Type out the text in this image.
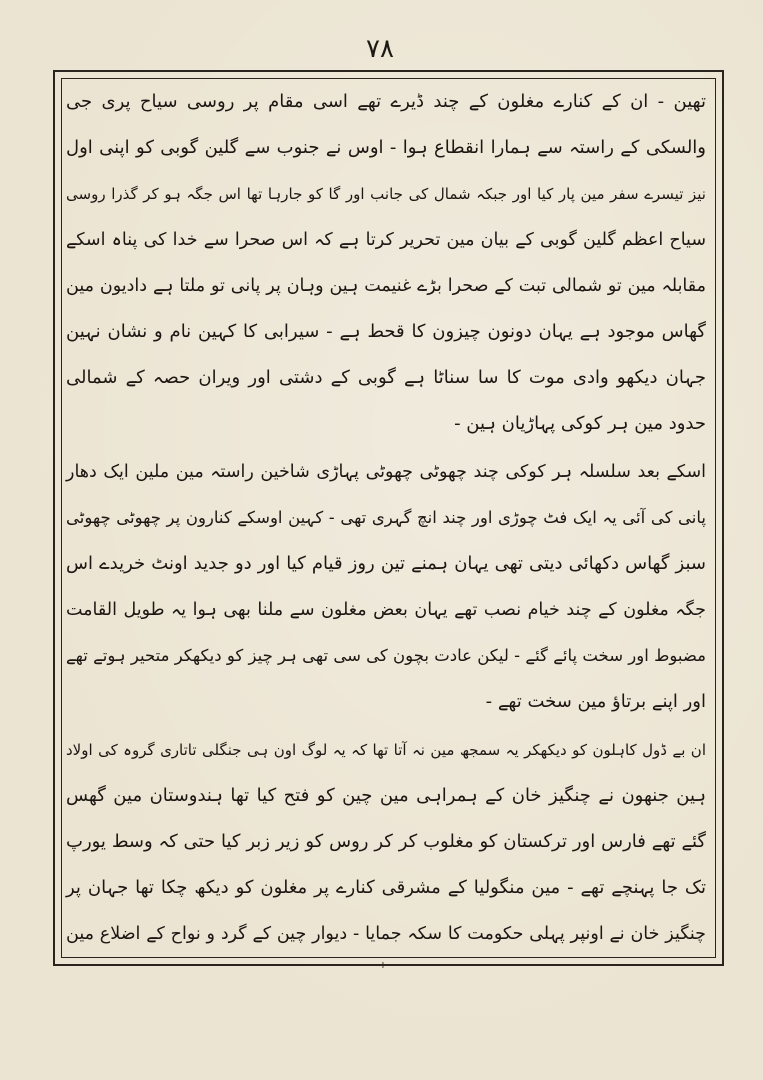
۷۸
تھین - ان کے کنارے مغلون کے چند ڈیرے تھے اسی مقام پر روسی سیاح پری جی
والسکی کے راستہ سے ہمارا انقطاع ہوا - اوس نے جنوب سے گلین گوبی کو اپنی اول
نیز تیسرے سفر مین پار کیا اور جبکہ شمال کی جانب اور گا کو جارہا تھا اس جگہ ہو کر گذرا روسی
سیاح اعظم گلین گوبی کے بیان مین تحریر کرتا ہے کہ اس صحرا سے خدا کی پناہ اسکے
مقابلہ مین تو شمالی تبت کے صحرا بڑے غنیمت ہین وہان پر پانی تو ملتا ہے دادیون مین
گھاس موجود ہے یہان دونون چیزون کا قحط ہے - سیرابی کا کہین نام و نشان نہین
جہان دیکھو وادی موت کا سا سناٹا ہے گوبی کے دشتی اور ویران حصہ کے شمالی
حدود مین ہر کوکی پہاڑیان ہین -
اسکے بعد سلسلہ ہر کوکی چند چھوٹی چھوٹی پہاڑی شاخین راستہ مین ملین ایک دھار
پانی کی آئی یہ ایک فٹ چوڑی اور چند انچ گہری تھی - کہین اوسکے کنارون پر چھوٹی چھوٹی
سبز گھاس دکھائی دیتی تھی یہان ہمنے تین روز قیام کیا اور دو جدید اونٹ خریدے اس
جگہ مغلون کے چند خیام نصب تھے یہان بعض مغلون سے ملنا بھی ہوا یہ طویل القامت
مضبوط اور سخت پائے گئے - لیکن عادت بچون کی سی تھی ہر چیز کو دیکھکر متحیر ہوتے تھے
اور اپنے برتاؤ مین سخت تھے -
ان بے ڈول کاہلون کو دیکھکر یہ سمجھ مین نہ آتا تھا کہ یہ لوگ اون ہی جنگلی تاتاری گروہ کی اولاد
ہین جنھون نے چنگیز خان کے ہمراہی مین چین کو فتح کیا تھا ہندوستان مین گھس
گئے تھے فارس اور ترکستان کو مغلوب کر کر روس کو زیر زبر کیا حتی کہ وسط یورپ
تک جا پہنچے تھے - مین منگولیا کے مشرقی کنارے پر مغلون کو دیکھ چکا تھا جہان پر
چنگیز خان نے اونپر پہلی حکومت کا سکہ جمایا - دیوار چین کے گرد و نواح کے اضلاع مین
+
